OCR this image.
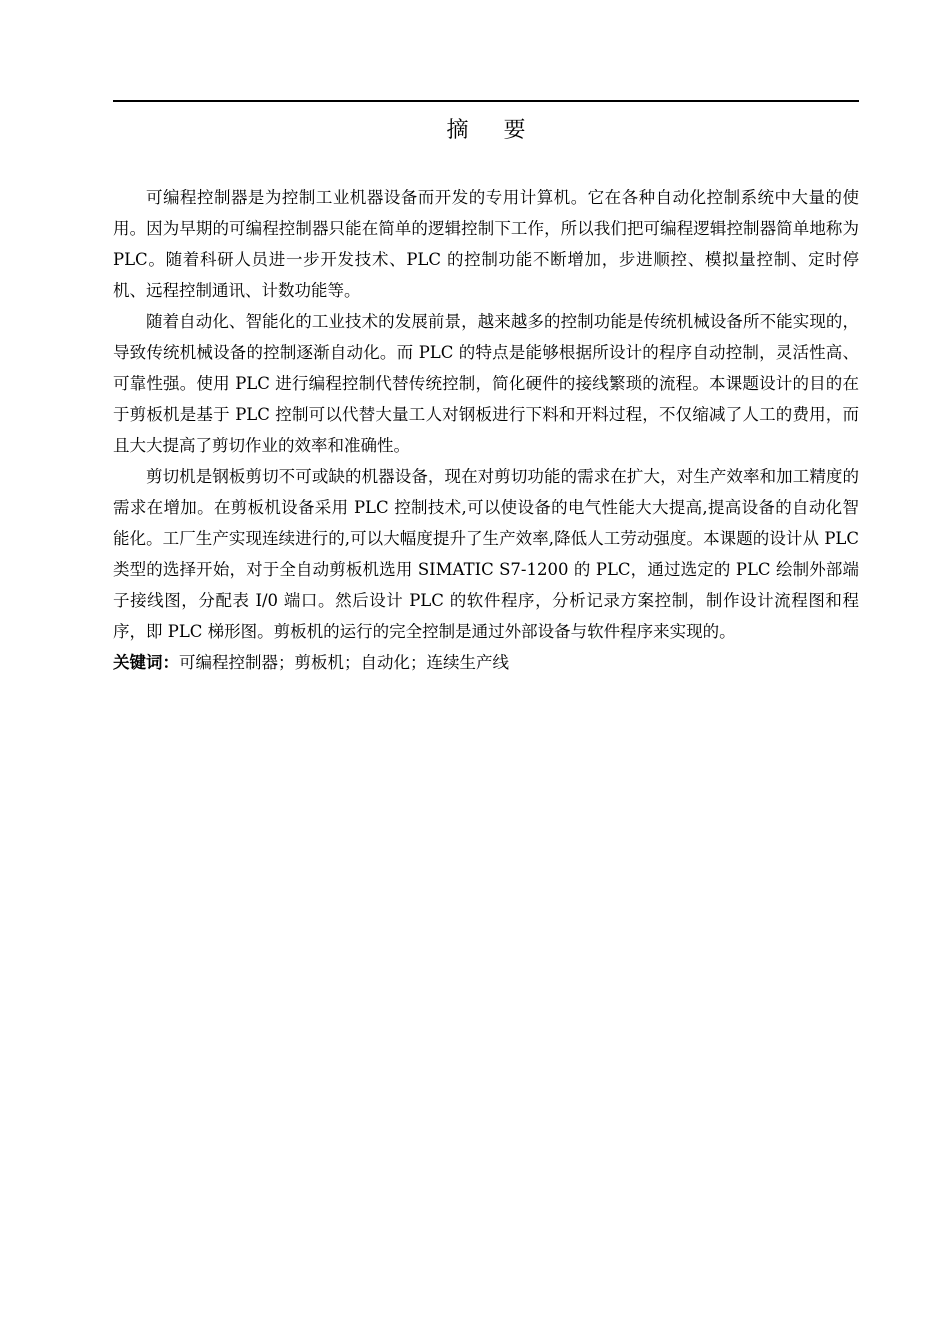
摘 要

可编程控制器是为控制工业机器设备而开发的专用计算机。它在各种自动化控制系统中大量的使用。因为早期的可编程控制器只能在简单的逻辑控制下工作，所以我们把可编程逻辑控制器简单地称为 PLC。随着科研人员进一步开发技术、PLC 的控制功能不断增加，步进顺控、模拟量控制、定时停机、远程控制通讯、计数功能等。

随着自动化、智能化的工业技术的发展前景，越来越多的控制功能是传统机械设备所不能实现的，导致传统机械设备的控制逐渐自动化。而 PLC 的特点是能够根据所设计的程序自动控制，灵活性高、可靠性强。使用 PLC 进行编程控制代替传统控制，简化硬件的接线繁琐的流程。本课题设计的目的在于剪板机是基于 PLC 控制可以代替大量工人对钢板进行下料和开料过程，不仅缩减了人工的费用，而且大大提高了剪切作业的效率和准确性。

剪切机是钢板剪切不可或缺的机器设备，现在对剪切功能的需求在扩大，对生产效率和加工精度的需求在增加。在剪板机设备采用 PLC 控制技术,可以使设备的电气性能大大提高,提高设备的自动化智能化。工厂生产实现连续进行的,可以大幅度提升了生产效率,降低人工劳动强度。本课题的设计从 PLC 类型的选择开始，对于全自动剪板机选用 SIMATIC S7-1200 的 PLC，通过选定的 PLC 绘制外部端子接线图，分配表 I/0 端口。然后设计 PLC 的软件程序，分析记录方案控制，制作设计流程图和程序，即 PLC 梯形图。剪板机的运行的完全控制是通过外部设备与软件程序来实现的。

关键词：可编程控制器；剪板机；自动化；连续生产线
